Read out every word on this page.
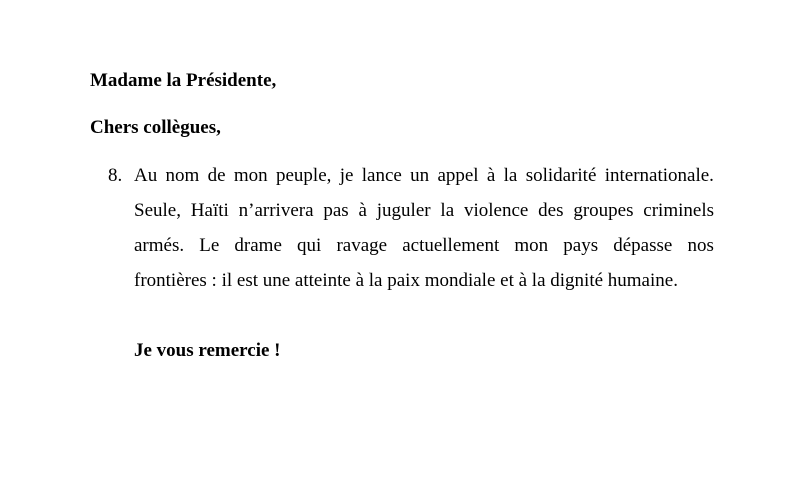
Madame la Présidente,

Chers collègues,

8. Au nom de mon peuple, je lance un appel à la solidarité internationale.
Seule, Haïti n’arrivera pas à juguler la violence des groupes criminels
armés. Le drame qui ravage actuellement mon pays dépasse nos
frontières : il est une atteinte à la paix mondiale et à la dignité humaine.

Je vous remercie !
